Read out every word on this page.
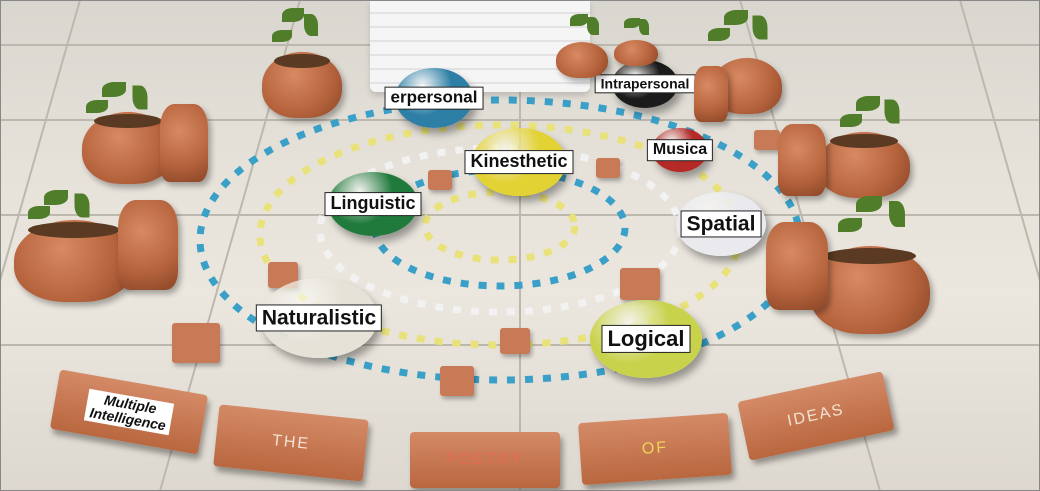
erpersonal
Intrapersonal
Kinesthetic
Musica
Linguistic
Spatial
Naturalistic
Logical
Multiple
Intelligence
THE
POETRY
OF
IDEAS
